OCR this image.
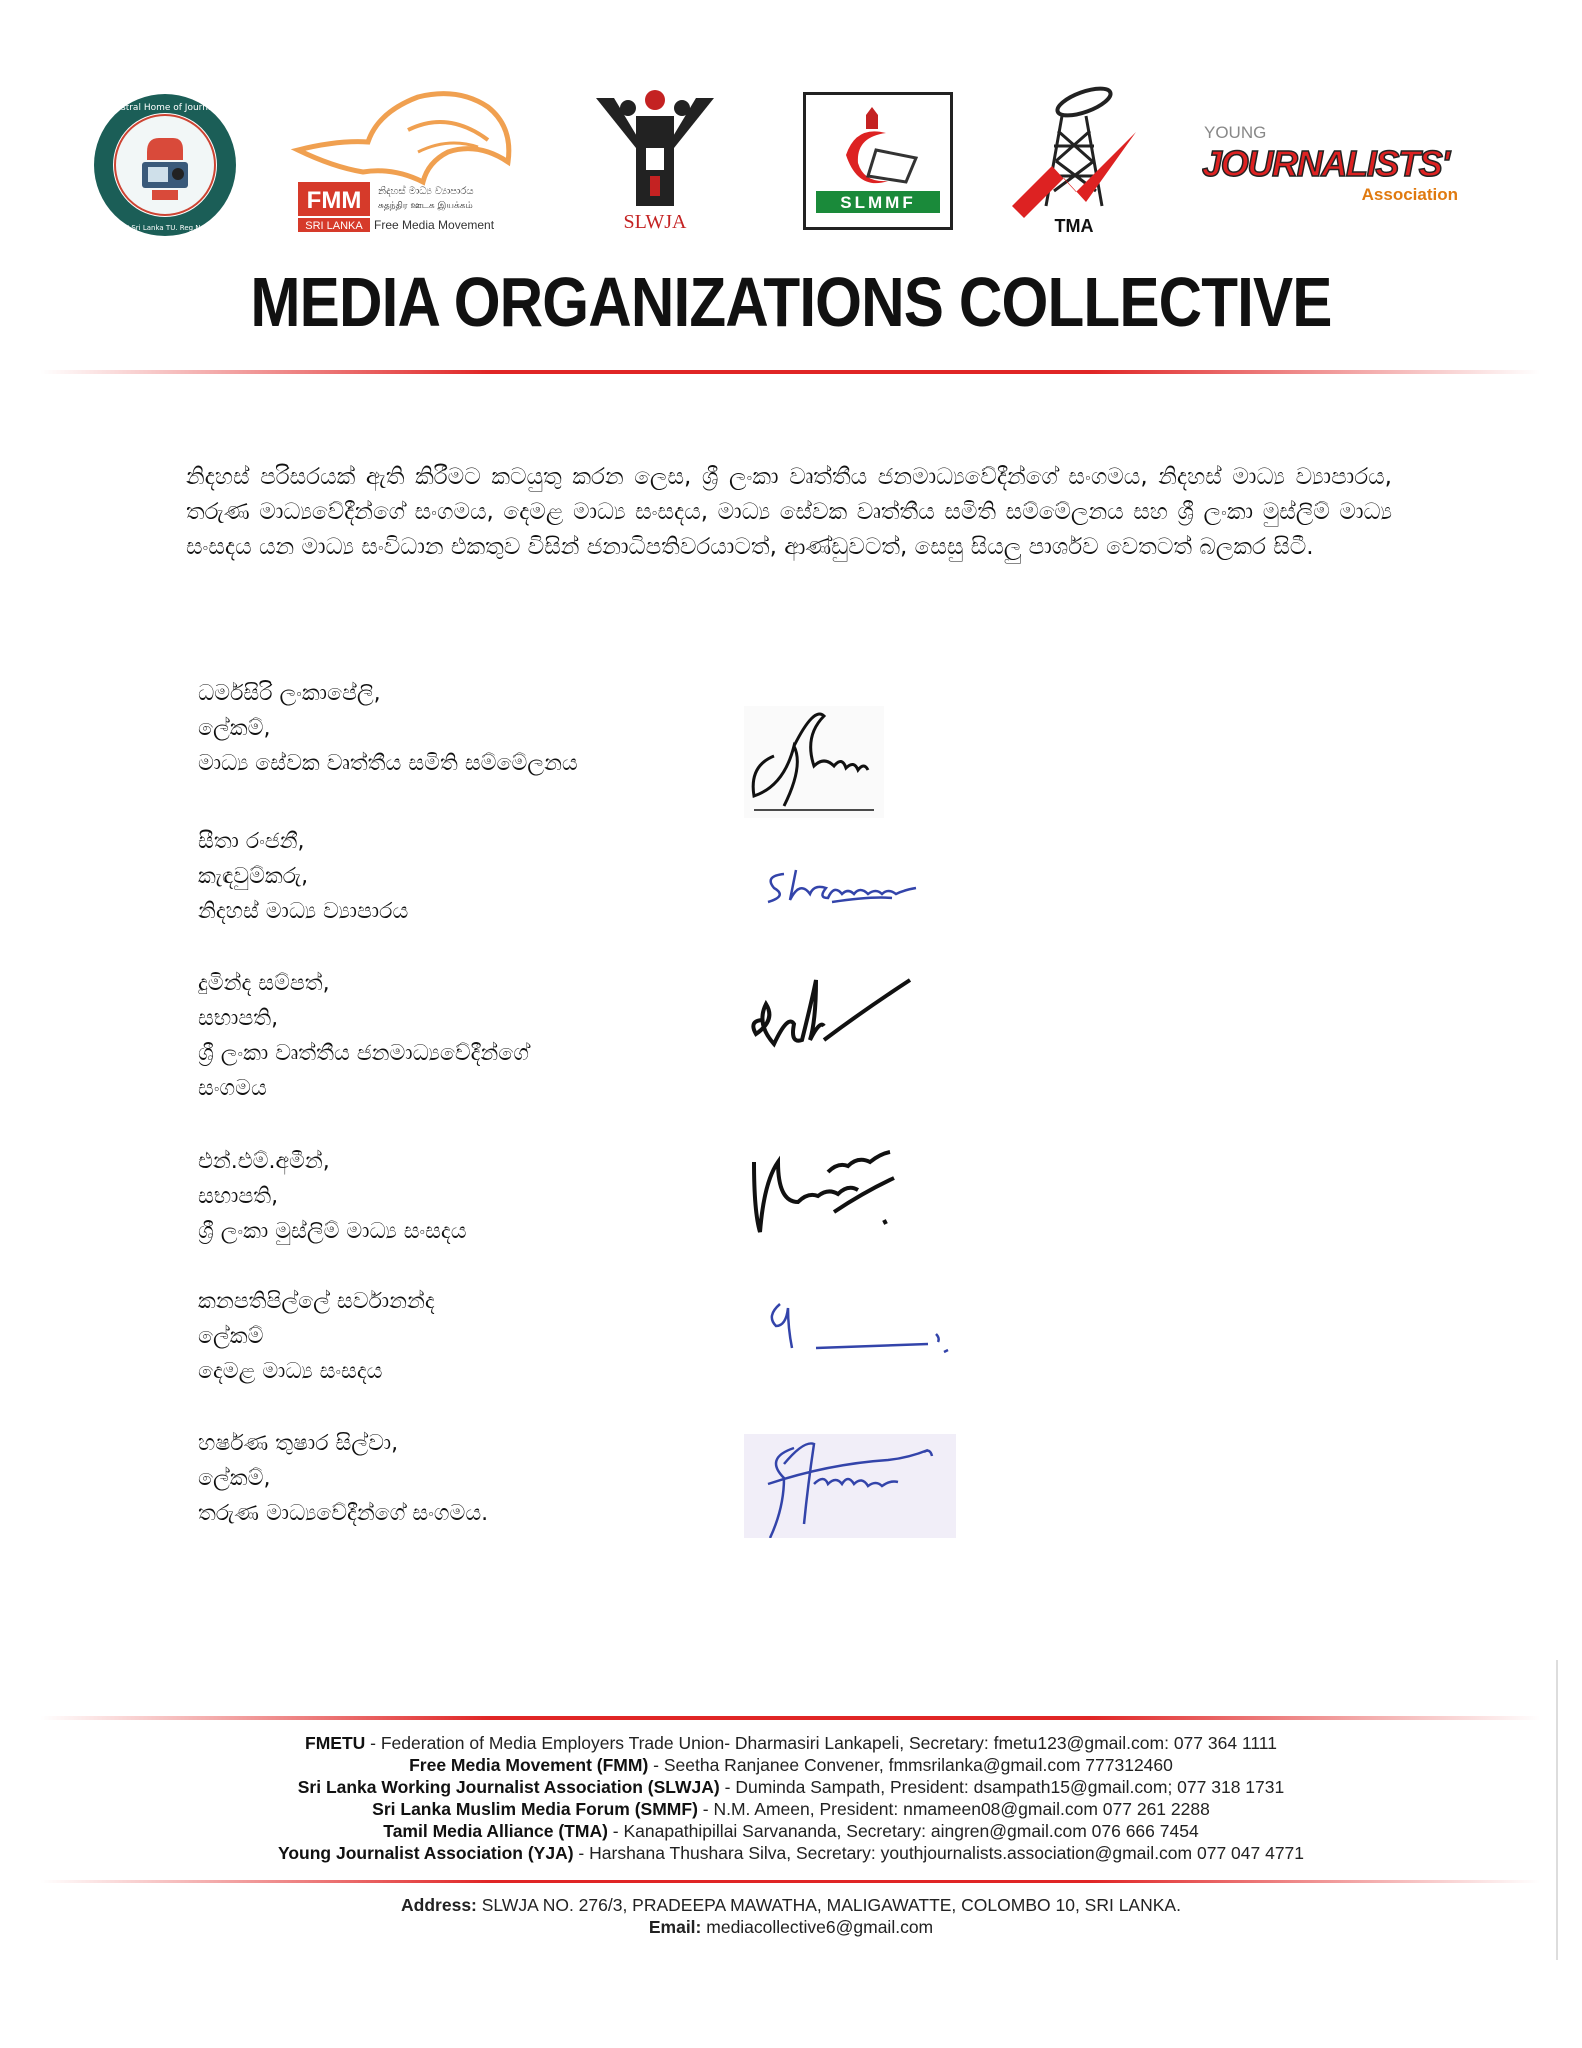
Ancestral Home of Journalists
FMETU Sri Lanka TU. Reg.No.6691
FMM නිදහස් මාධ්‍ය ව්‍යාපාරය
சுதந்திர ஊடக இயக்கம்
SRI LANKA Free Media Movement	SLWJA
SLMMF
TMA
YOUNG
JOURNALISTS'
Association
MEDIA ORGANIZATIONS COLLECTIVE
නිදහස් පරිසරයක් ඇති කිරීමට කටයුතු කරන ලෙස, ශ්‍රී ලංකා වෘත්තීය ජනමාධ්‍යවේදීන්ගේ සංගමය, නිදහස් මාධ්‍ය ව්‍යාපාරය, තරුණ මාධ්‍යවේදීන්ගේ සංගමය, දෙමළ මාධ්‍ය සංසදය, මාධ්‍ය සේවක වෘත්තීය සමිති සම්මේලනය සහ ශ්‍රී ලංකා මුස්ලිම් මාධ්‍ය සංසදය යන මාධ්‍ය සංවිධාන එකතුව විසින් ජනාධිපතිවරයාටත්, ආණ්ඩුවටත්, සෙසු සියලු පාර්ශව වෙතටත් බලකර සිටී.
ධර්මසිරි ලංකාපේලි,
ලේකම්,
මාධ්‍ය සේවක වෘත්තීය සමිති සම්මේලනය
සීතා රංජනී,
කැඳවුම්කරු,
නිදහස් මාධ්‍ය ව්‍යාපාරය
දුමින්ද සම්පත්,
සභාපති,
ශ්‍රී ලංකා වෘත්තීය ජනමාධ්‍යවේදීන්ගේ
සංගමය
එන්.එම්.අමීන්,
සභාපති,
ශ්‍රී ලංකා මුස්ලිම් මාධ්‍ය සංසදය
කනපතිපිල්ලේ සර්වානන්ද
ලේකම්
දෙමළ මාධ්‍ය සංසදය
හර්ෂණ තුෂාර සිල්වා,
ලේකම්,
තරුණ මාධ්‍යවේදීන්ගේ සංගමය.
FMETU - Federation of Media Employers Trade Union- Dharmasiri Lankapeli, Secretary: fmetu123@gmail.com: 077 364 1111
Free Media Movement (FMM) - Seetha Ranjanee Convener, fmmsrilanka@gmail.com 777312460
Sri Lanka Working Journalist Association (SLWJA) - Duminda Sampath, President: dsampath15@gmail.com; 077 318 1731
Sri Lanka Muslim Media Forum (SMMF) - N.M. Ameen, President: nmameen08@gmail.com 077 261 2288
Tamil Media Alliance (TMA) - Kanapathipillai Sarvananda, Secretary: aingren@gmail.com 076 666 7454
Young Journalist Association (YJA) - Harshana Thushara Silva, Secretary: youthjournalists.association@gmail.com 077 047 4771
Address: SLWJA NO. 276/3, PRADEEPA MAWATHA, MALIGAWATTE, COLOMBO 10, SRI LANKA.
Email: mediacollective6@gmail.com
